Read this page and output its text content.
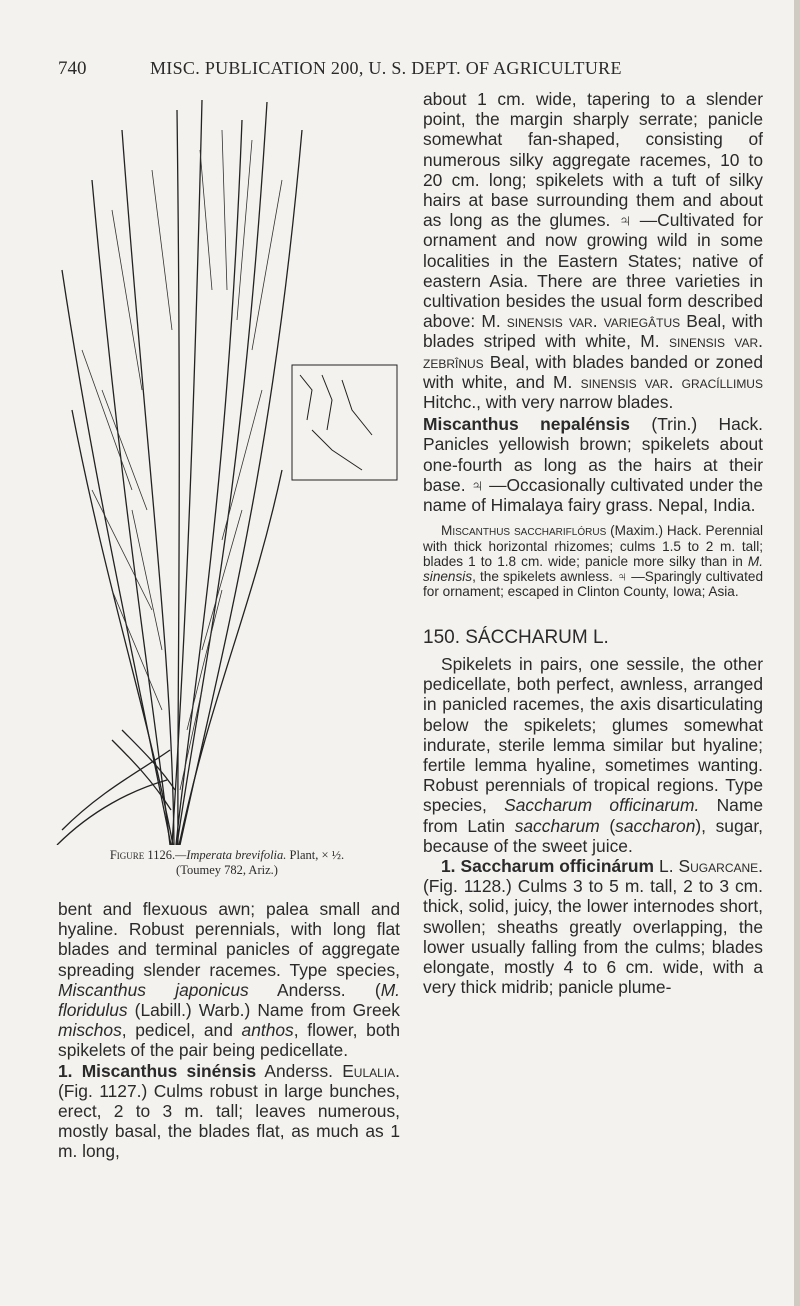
740	MISC. PUBLICATION 200, U. S. DEPT. OF AGRICULTURE
Figure 1126.—Imperata brevifolia. Plant, × ½.
(Toumey 782, Ariz.)

bent and flexuous awn; palea small and hyaline. Robust perennials, with long flat blades and terminal panicles of aggregate spreading slender racemes. Type species, Miscanthus japonicus Anderss. (M. floridulus (Labill.) Warb.) Name from Greek mischos, pedicel, and anthos, flower, both spikelets of the pair being pedicellate.

1. Miscanthus sinénsis Anderss. Eulalia. (Fig. 1127.) Culms robust in large bunches, erect, 2 to 3 m. tall; leaves numerous, mostly basal, the blades flat, as much as 1 m. long,

about 1 cm. wide, tapering to a slender point, the margin sharply serrate; panicle somewhat fan-shaped, consisting of numerous silky aggregate racemes, 10 to 20 cm. long; spikelets with a tuft of silky hairs at base surrounding them and about as long as the glumes. ♃ —Cultivated for ornament and now growing wild in some localities in the Eastern States; native of eastern Asia. There are three varieties in cultivation besides the usual form described above: M. sinensis var. variegâtus Beal, with blades striped with white, M. sinensis var. zebrînus Beal, with blades banded or zoned with white, and M. sinensis var. gracíllimus Hitchc., with very narrow blades.

Miscanthus nepalénsis (Trin.) Hack. Panicles yellowish brown; spikelets about one-fourth as long as the hairs at their base. ♃ —Occasionally cultivated under the name of Himalaya fairy grass. Nepal, India.

Miscanthus sacchariflórus (Maxim.) Hack. Perennial with thick horizontal rhizomes; culms 1.5 to 2 m. tall; blades 1 to 1.8 cm. wide; panicle more silky than in M. sinensis, the spikelets awnless. ♃ —Sparingly cultivated for ornament; escaped in Clinton County, Iowa; Asia.

150. SÁCCHARUM L.

Spikelets in pairs, one sessile, the other pedicellate, both perfect, awnless, arranged in panicled racemes, the axis disarticulating below the spikelets; glumes somewhat indurate, sterile lemma similar but hyaline; fertile lemma hyaline, sometimes wanting. Robust perennials of tropical regions. Type species, Saccharum officinarum. Name from Latin saccharum (saccharon), sugar, because of the sweet juice.

1. Saccharum officinárum L. Sugarcane. (Fig. 1128.) Culms 3 to 5 m. tall, 2 to 3 cm. thick, solid, juicy, the lower internodes short, swollen; sheaths greatly overlapping, the lower usually falling from the culms; blades elongate, mostly 4 to 6 cm. wide, with a very thick midrib; panicle plume-
